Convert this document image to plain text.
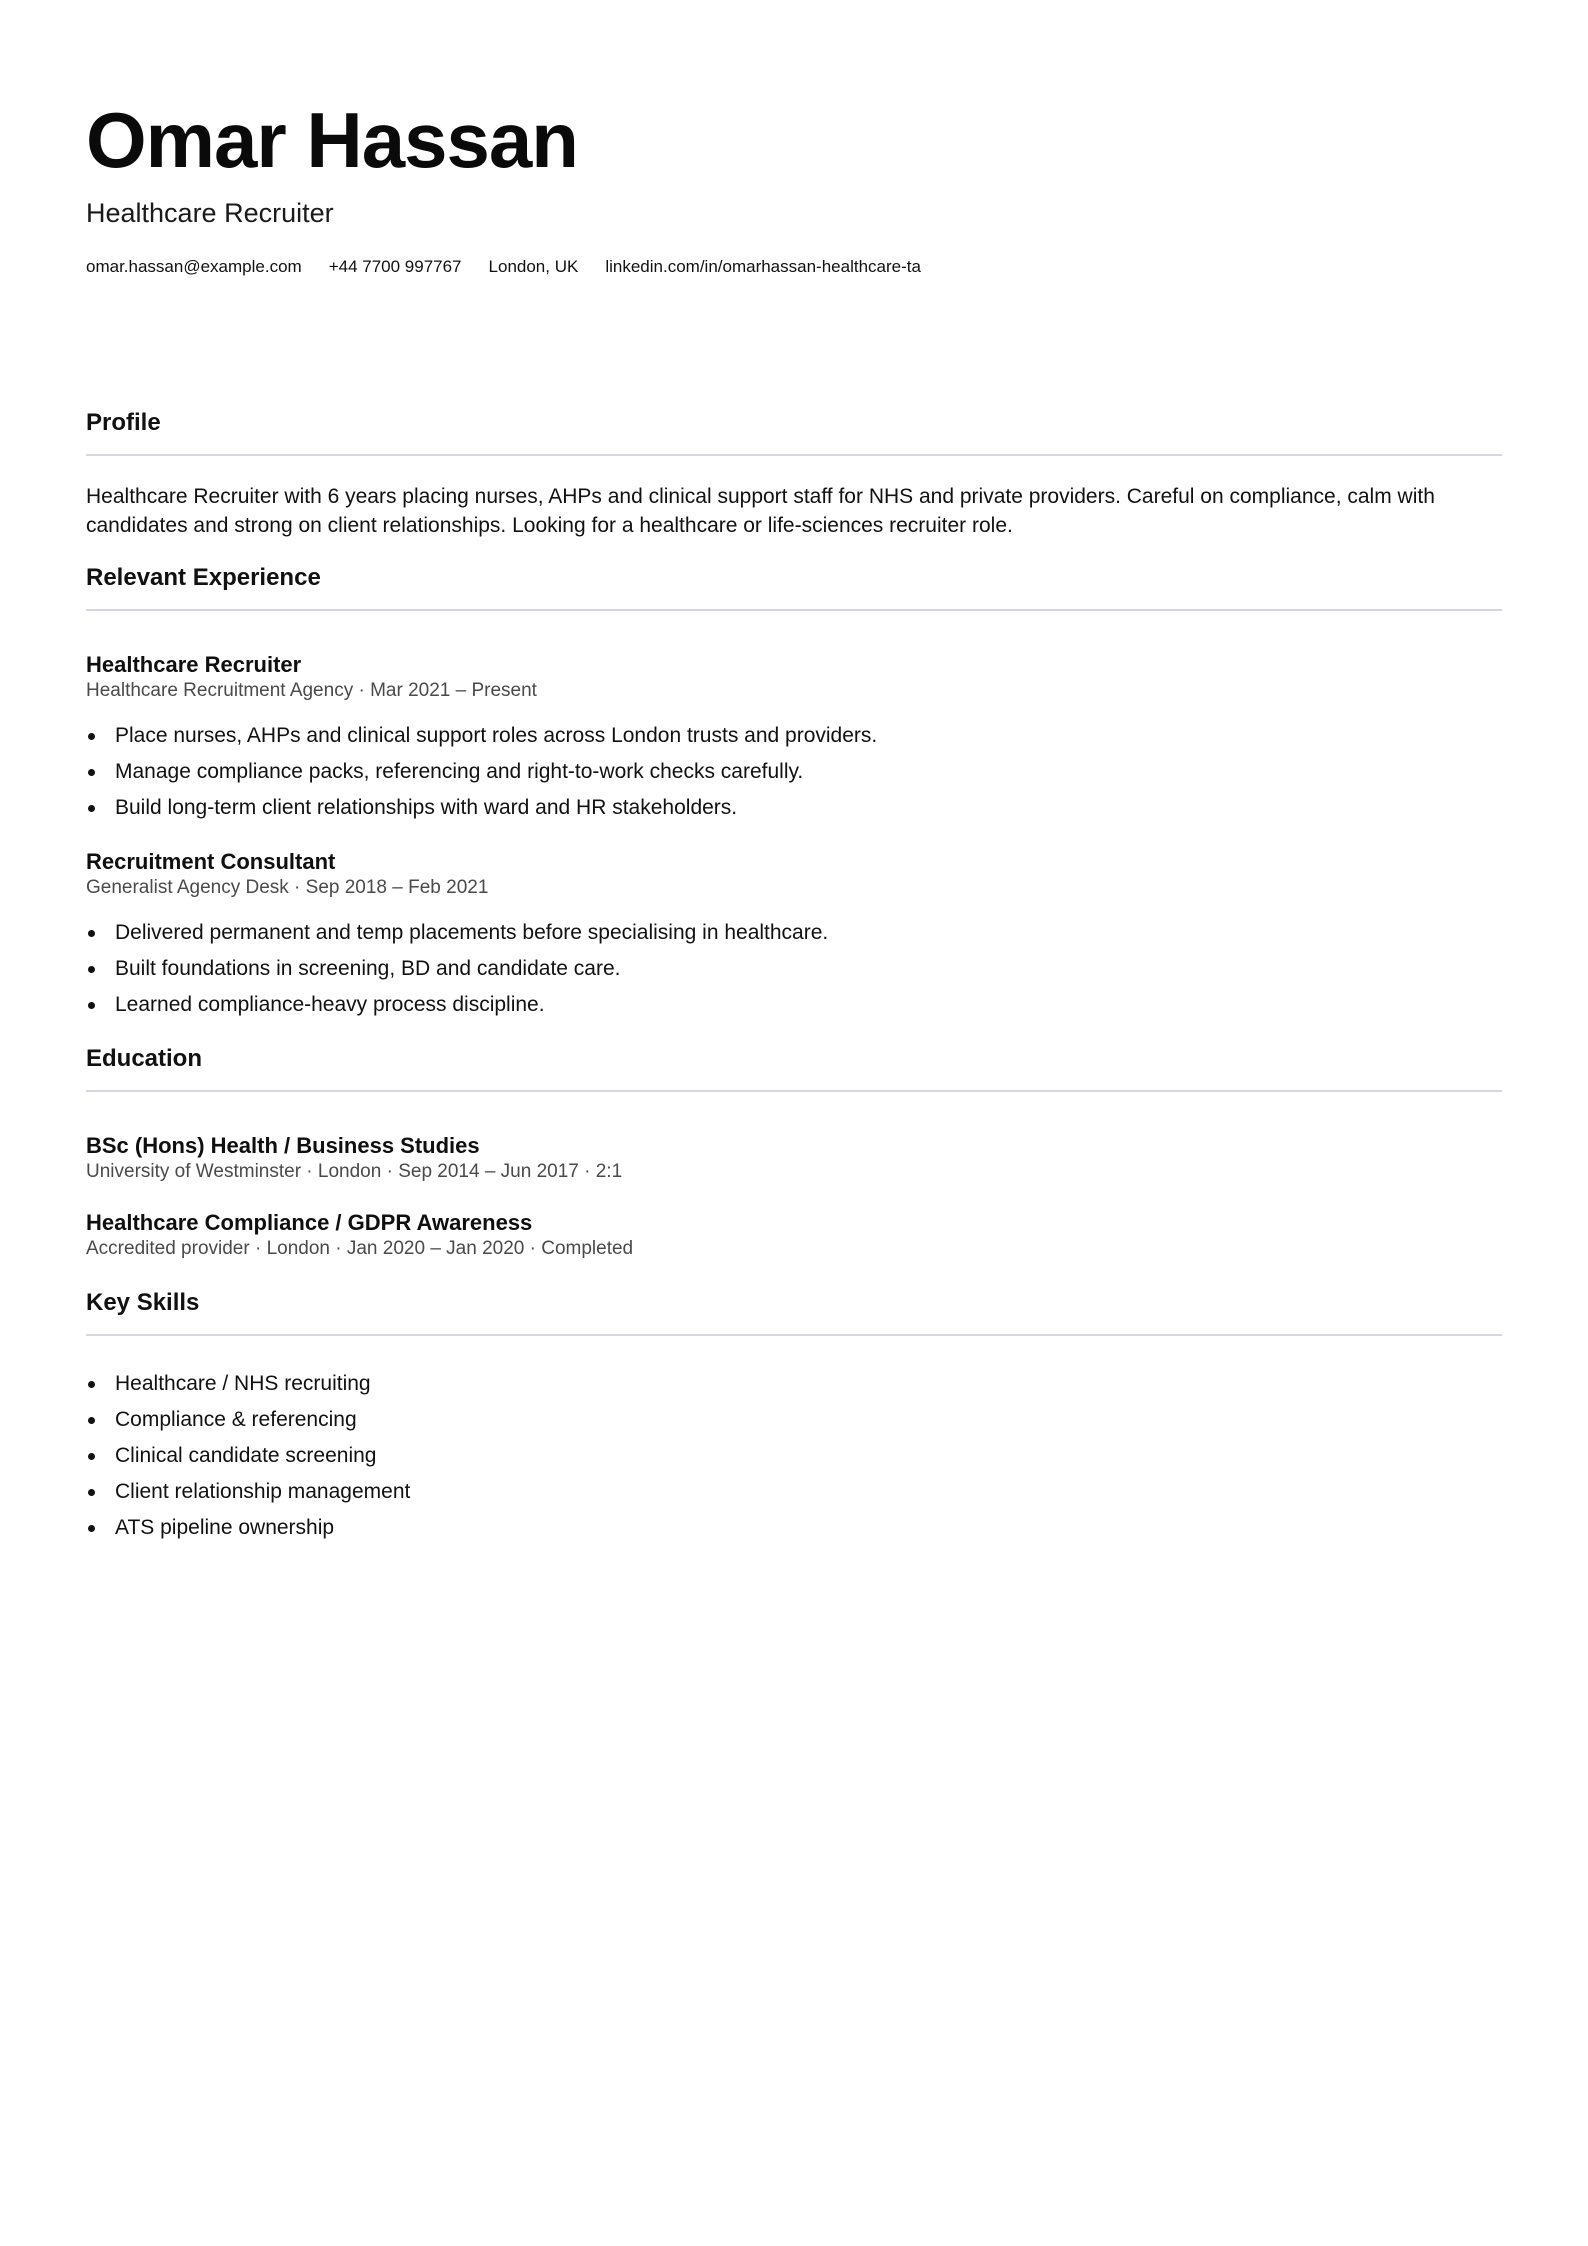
Omar Hassan
Healthcare Recruiter
omar.hassan@example.com +44 7700 997767 London, UK linkedin.com/in/omarhassan-healthcare-ta
Profile
Healthcare Recruiter with 6 years placing nurses, AHPs and clinical support staff for NHS and private providers. Careful on compliance, calm with candidates and strong on client relationships. Looking for a healthcare or life-sciences recruiter role.
Relevant Experience
Healthcare Recruiter
Healthcare Recruitment Agency · Mar 2021 – Present
Place nurses, AHPs and clinical support roles across London trusts and providers.
Manage compliance packs, referencing and right-to-work checks carefully.
Build long-term client relationships with ward and HR stakeholders.
Recruitment Consultant
Generalist Agency Desk · Sep 2018 – Feb 2021
Delivered permanent and temp placements before specialising in healthcare.
Built foundations in screening, BD and candidate care.
Learned compliance-heavy process discipline.
Education
BSc (Hons) Health / Business Studies
University of Westminster · London · Sep 2014 – Jun 2017 · 2:1
Healthcare Compliance / GDPR Awareness
Accredited provider · London · Jan 2020 – Jan 2020 · Completed
Key Skills
Healthcare / NHS recruiting
Compliance & referencing
Clinical candidate screening
Client relationship management
ATS pipeline ownership
